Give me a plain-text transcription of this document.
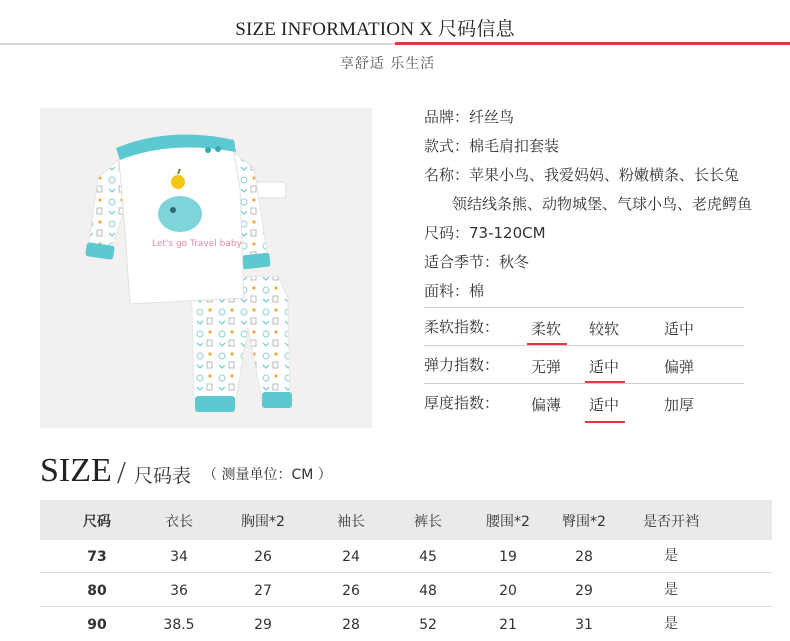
SIZE INFORMATION X 尺码信息
享舒适 乐生活
Let's go Travel baby
品牌：纤丝鸟
款式：棉毛肩扣套装
名称：苹果小鸟、我爱妈妈、粉嫩横条、长长兔
领结线条熊、动物城堡、气球小鸟、老虎鳄鱼
尺码：73-120CM
适合季节：秋冬
面料：棉
柔软指数： 柔软 较软	适中
弹力指数： 无弹 适中	偏弹
厚度指数： 偏薄 适中	加厚
SIZE / 尺码表 （ 测量单位：CM ）
尺码	衣长	胸围*2	袖长	裤长	腰围*2	臀围*2	是否开裆
73	34	26	24	45	19	28	是
80	36	27	26	48	20	29	是
90	38.5	29	28	52	21	31	是
